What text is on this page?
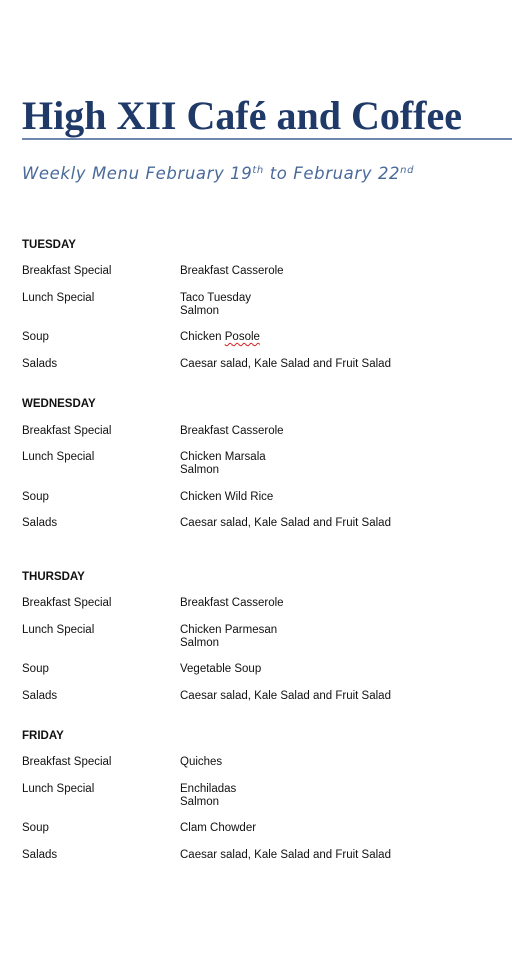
High XII Café and Coffee
Weekly Menu February 19th to February 22nd
TUESDAY
Breakfast Special	Breakfast Casserole
Lunch Special	Taco Tuesday
Salmon
Soup	Chicken Posole
Salads	Caesar salad, Kale Salad and Fruit Salad
WEDNESDAY
Breakfast Special	Breakfast Casserole
Lunch Special	Chicken Marsala
Salmon
Soup	Chicken Wild Rice
Salads	Caesar salad, Kale Salad and Fruit Salad
THURSDAY
Breakfast Special	Breakfast Casserole
Lunch Special	Chicken Parmesan
Salmon
Soup	Vegetable Soup
Salads	Caesar salad, Kale Salad and Fruit Salad
FRIDAY
Breakfast Special	Quiches
Lunch Special	Enchiladas
Salmon
Soup	Clam Chowder
Salads	Caesar salad, Kale Salad and Fruit Salad
